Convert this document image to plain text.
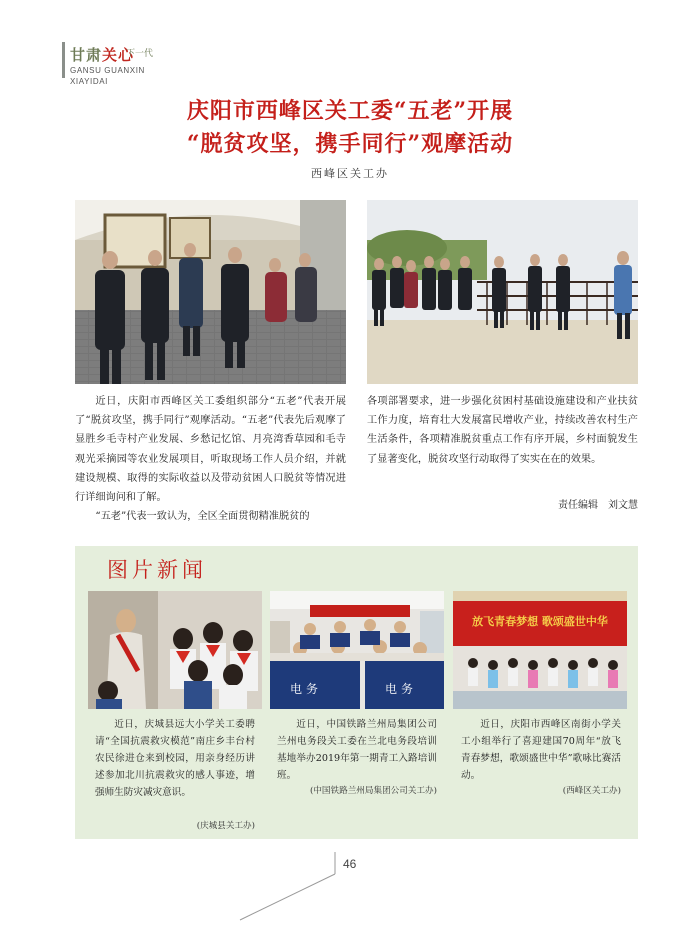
甘肃关心
下一代
GANSU GUANXIN
XIAYIDAI
庆阳市西峰区关工委“五老”开展
“脱贫攻坚，携手同行”观摩活动
西峰区关工办

近日，庆阳市西峰区关工委组织部分“五老”代表开展了“脱贫攻坚，携手同行”观摩活动。“五老”代表先后观摩了显胜乡毛寺村产业发展、乡愁记忆馆、月亮湾香草园和毛寺观光采摘园等农业发展项目，听取现场工作人员介绍，并就建设规模、取得的实际收益以及带动贫困人口脱贫等情况进行详细询问和了解。

“五老”代表一致认为，全区全面贯彻精准脱贫的

各项部署要求，进一步强化贫困村基础设施建设和产业扶贫工作力度，培育壮大发展富民增收产业，持续改善农村生产生活条件，各项精准脱贫重点工作有序开展，乡村面貌发生了显著变化，脱贫攻坚行动取得了实实在在的效果。

责任编辑　刘文慧
图片新闻
电 务	电 务
放飞青春梦想 歌颂盛世中华

近日，庆城县远大小学关工委聘请“全国抗震救灾模范”南庄乡丰台村农民徐进仓来到校园，用亲身经历讲述参加北川抗震救灾的感人事迹，增强师生防灾减灾意识。

(庆城县关工办)

近日，中国铁路兰州局集团公司兰州电务段关工委在兰北电务段培训基地举办2019年第一期青工入路培训班。

(中国铁路兰州局集团公司关工办)

近日，庆阳市西峰区南街小学关工小组举行了喜迎建国70周年“放飞青春梦想，歌颂盛世中华”歌咏比赛活动。

(西峰区关工办)
46
